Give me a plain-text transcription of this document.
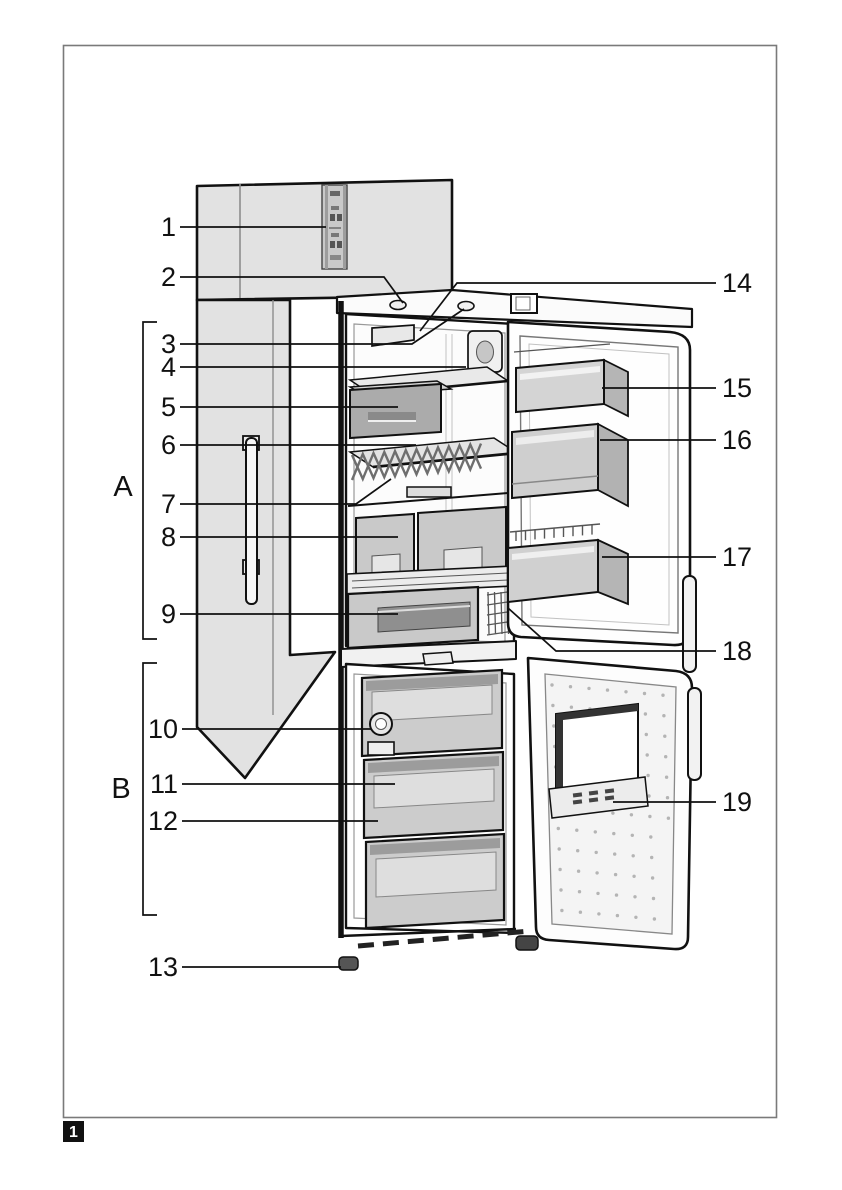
1
2
3
4
5
6
7
8
9
10
11
12
13
14
15
16
17
18
19
A
B
1
